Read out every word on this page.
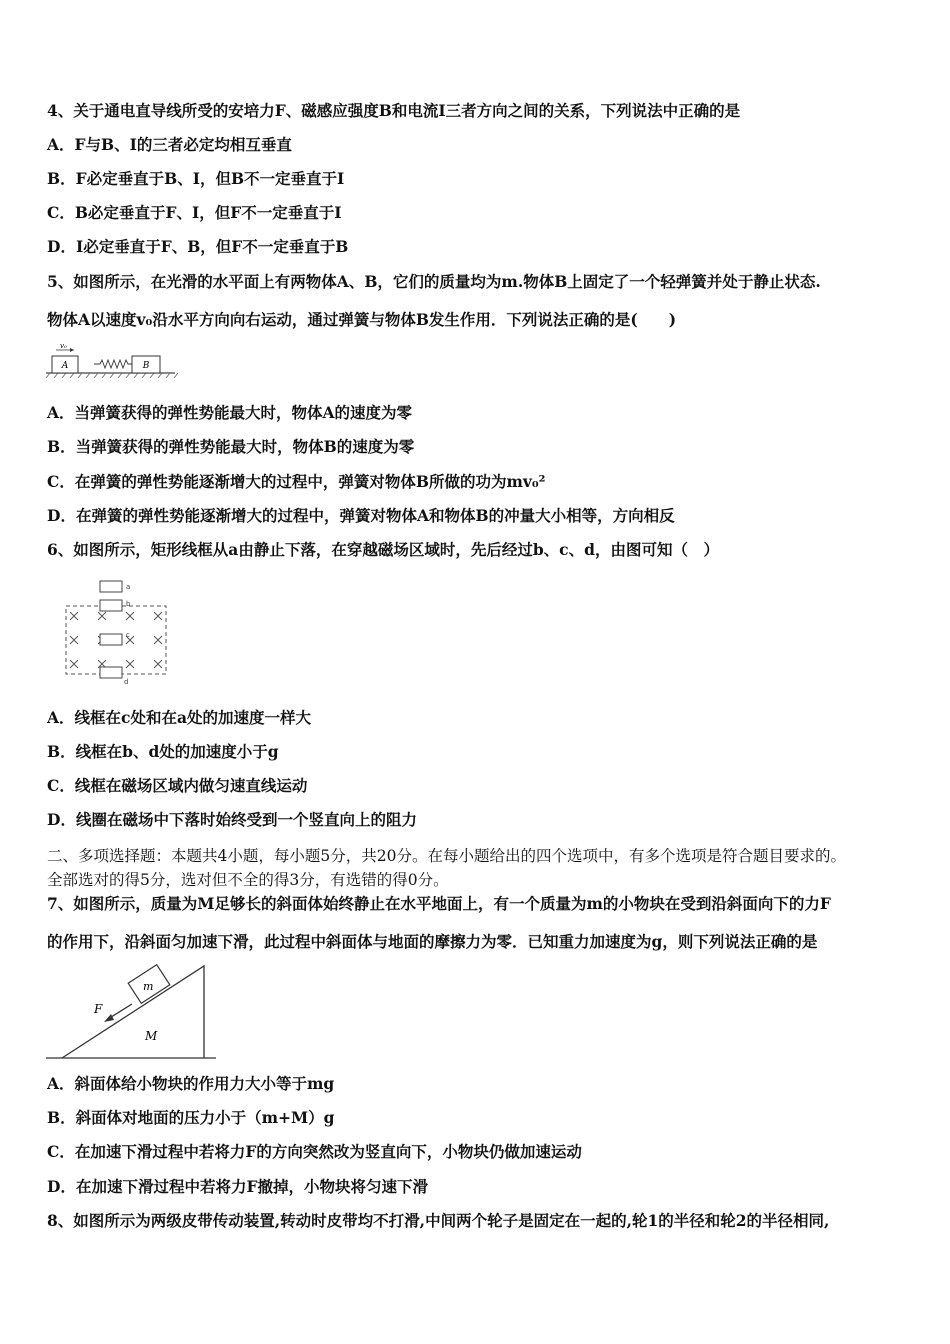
4、关于通电直导线所受的安培力F、磁感应强度B和电流I三者方向之间的关系，下列说法中正确的是
A．F与B、I的三者必定均相互垂直
B．F必定垂直于B、I，但B不一定垂直于I
C．B必定垂直于F、I，但F不一定垂直于I
D．I必定垂直于F、B，但F不一定垂直于B
5、如图所示，在光滑的水平面上有两物体A、B，它们的质量均为m.物体B上固定了一个轻弹簧并处于静止状态.
物体A以速度v₀沿水平方向向右运动，通过弹簧与物体B发生作用．下列说法正确的是(　　)
A
v₀
B
A．当弹簧获得的弹性势能最大时，物体A的速度为零
B．当弹簧获得的弹性势能最大时，物体B的速度为零
C．在弹簧的弹性势能逐渐增大的过程中，弹簧对物体B所做的功为mv₀²
D．在弹簧的弹性势能逐渐增大的过程中，弹簧对物体A和物体B的冲量大小相等，方向相反
6、如图所示，矩形线框从a由静止下落，在穿越磁场区域时，先后经过b、c、d，由图可知（　）
a
b
c
d
A．线框在c处和在a处的加速度一样大
B．线框在b、d处的加速度小于g
C．线框在磁场区域内做匀速直线运动
D．线圈在磁场中下落时始终受到一个竖直向上的阻力
二、多项选择题：本题共4小题，每小题5分，共20分。在每小题给出的四个选项中，有多个选项是符合题目要求的。
全部选对的得5分，选对但不全的得3分，有选错的得0分。
7、如图所示，质量为M足够长的斜面体始终静止在水平地面上，有一个质量为m的小物块在受到沿斜面向下的力F
的作用下，沿斜面匀加速下滑，此过程中斜面体与地面的摩擦力为零．已知重力加速度为g，则下列说法正确的是
m
F
M
A．斜面体给小物块的作用力大小等于mg
B．斜面体对地面的压力小于（m+M）g
C．在加速下滑过程中若将力F的方向突然改为竖直向下，小物块仍做加速运动
D．在加速下滑过程中若将力F撤掉，小物块将匀速下滑
8、如图所示为两级皮带传动装置,转动时皮带均不打滑,中间两个轮子是固定在一起的,轮1的半径和轮2的半径相同,
